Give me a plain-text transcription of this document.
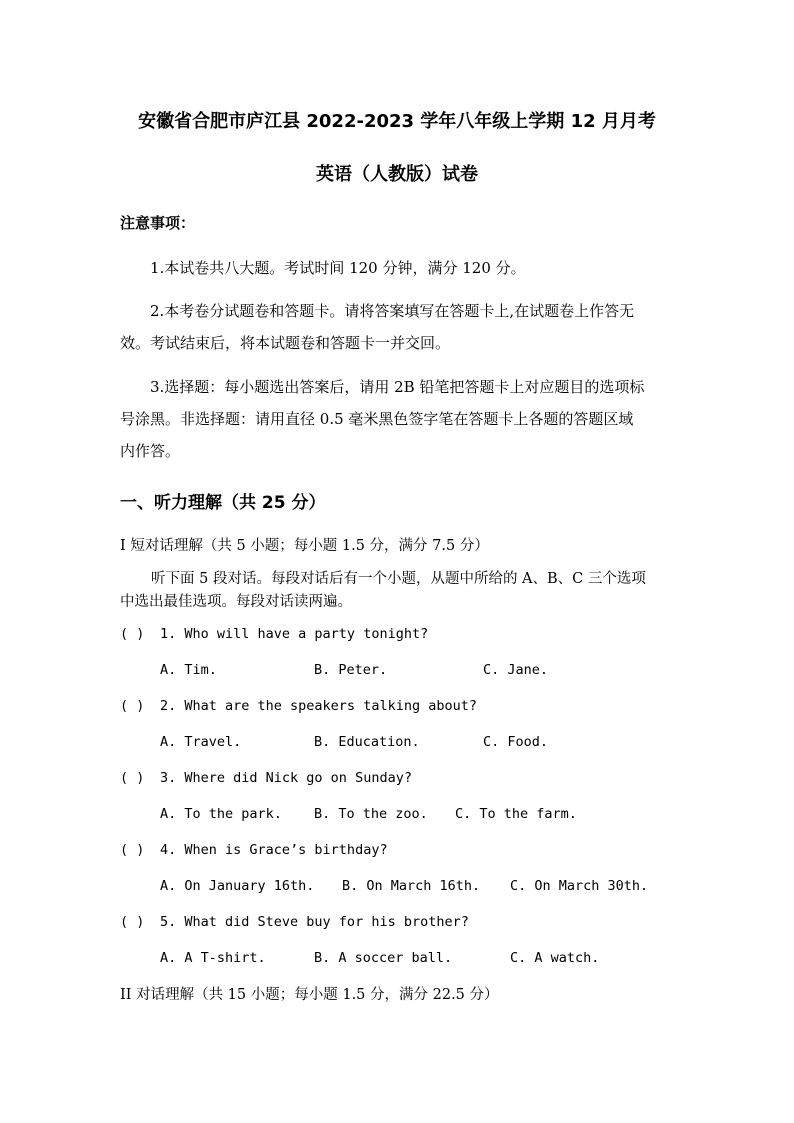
安徽省合肥市庐江县 2022-2023 学年八年级上学期 12 月月考
英语（人教版）试卷
注意事项：
1.本试卷共八大题。考试时间 120 分钟，满分 120 分。
2.本考卷分试题卷和答题卡。请将答案填写在答题卡上,在试题卷上作答无
效。考试结束后，将本试题卷和答题卡一并交回。
3.选择题：每小题选出答案后，请用 2B 铅笔把答题卡上对应题目的选项标
号涂黑。非选择题：请用直径 0.5 毫米黑色签字笔在答题卡上各题的答题区域
内作答。
一、听力理解（共 25 分）
I 短对话理解（共 5 小题；每小题 1.5 分，满分 7.5 分）
听下面 5 段对话。每段对话后有一个小题，从题中所给的 A、B、C 三个选项
中选出最佳选项。每段对话读两遍。
( ) 1. Who will have a party tonight?
A. Tim.	B. Peter.	C. Jane.
( ) 2. What are the speakers talking about?
A. Travel.	B. Education.	C. Food.
( ) 3. Where did Nick go on Sunday?
A. To the park. B. To the zoo. C. To the farm.
( ) 4. When is Grace’s birthday?
A. On January 16th. B. On March 16th. C. On March 30th.
( ) 5. What did Steve buy for his brother?
A. A T-shirt.	B. A soccer ball.	C. A watch.
II 对话理解（共 15 小题；每小题 1.5 分，满分 22.5 分）
